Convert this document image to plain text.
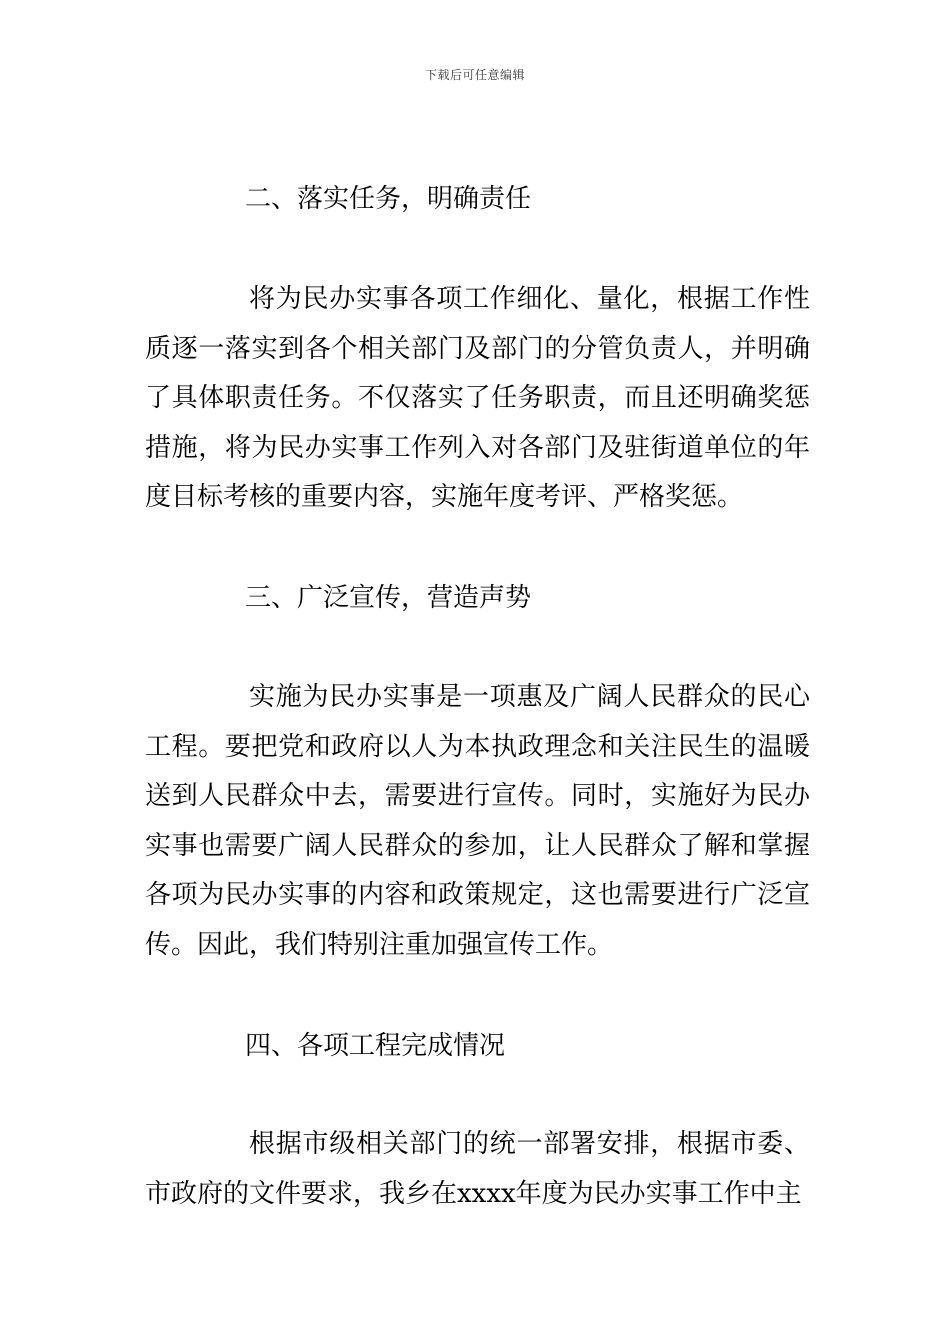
下载后可任意编辑
二、落实任务，明确责任
将为民办实事各项工作细化、量化，根据工作性质逐一落实到各个相关部门及部门的分管负责人，并明确了具体职责任务。不仅落实了任务职责，而且还明确奖惩措施，将为民办实事工作列入对各部门及驻街道单位的年度目标考核的重要内容，实施年度考评、严格奖惩。
三、广泛宣传，营造声势
实施为民办实事是一项惠及广阔人民群众的民心工程。要把党和政府以人为本执政理念和关注民生的温暖送到人民群众中去，需要进行宣传。同时，实施好为民办实事也需要广阔人民群众的参加，让人民群众了解和掌握各项为民办实事的内容和政策规定，这也需要进行广泛宣传。因此，我们特别注重加强宣传工作。
四、各项工程完成情况
根据市级相关部门的统一部署安排，根据市委、市政府的文件要求，我乡在xxxx年度为民办实事工作中主
